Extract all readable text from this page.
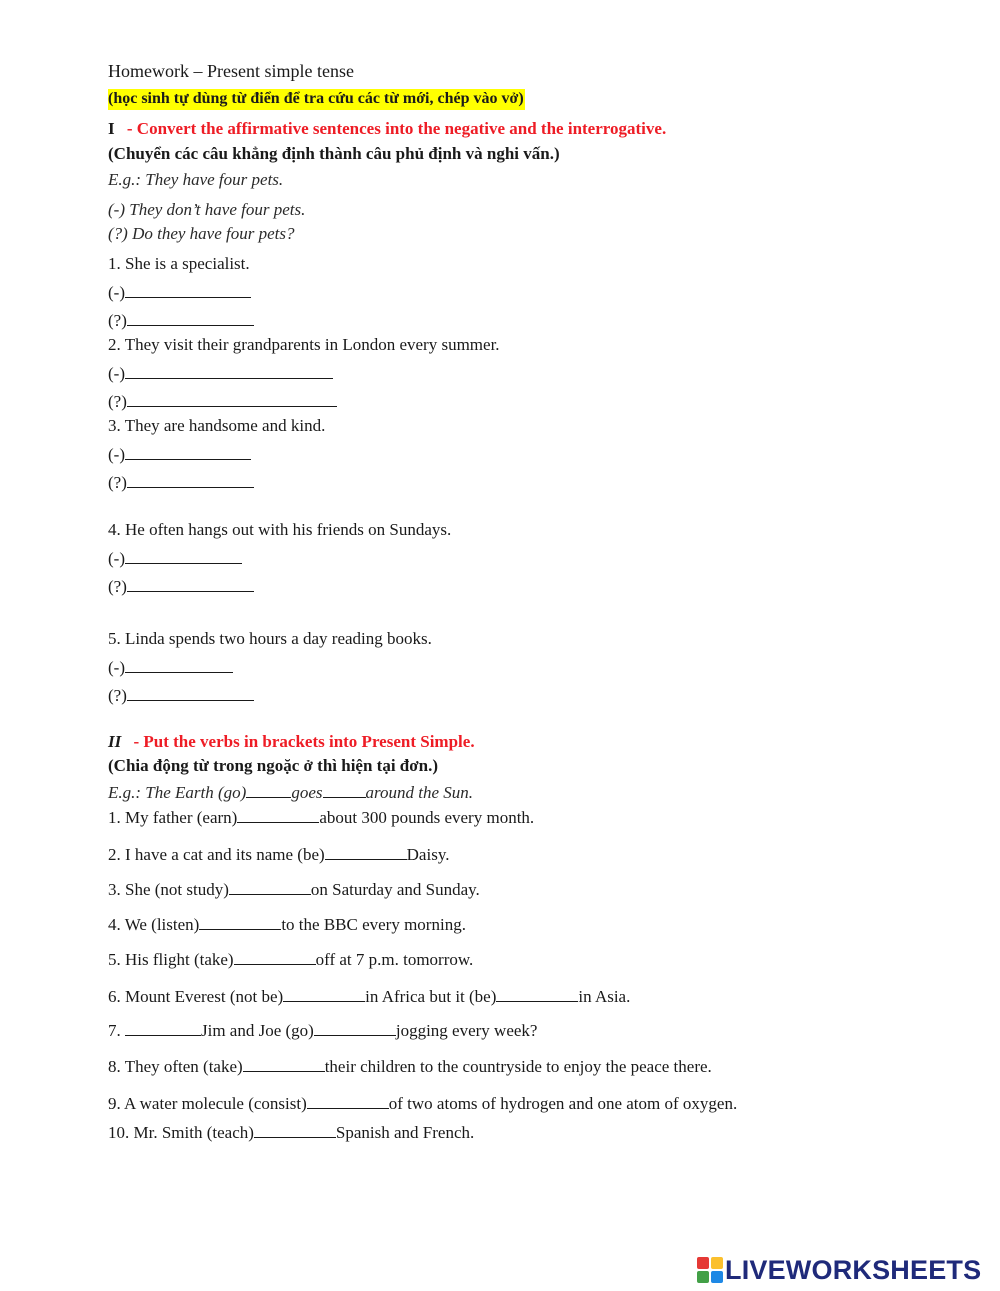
Homework – Present simple tense
(học sinh tự dùng từ điển để tra cứu các từ mới, chép vào vở)
I - Convert the affirmative sentences into the negative and the interrogative.
(Chuyển các câu khẳng định thành câu phủ định và nghi vấn.)
E.g.: They have four pets.
(-) They don’t have four pets.
(?) Do they have four pets?
1. She is a specialist.
(-)
(?)
2. They visit their grandparents in London every summer.
(-)
(?)
3. They are handsome and kind.
(-)
(?)
4. He often hangs out with his friends on Sundays.
(-)
(?)
5. Linda spends two hours a day reading books.
(-)
(?)
II - Put the verbs in brackets into Present Simple.
(Chia động từ trong ngoặc ở thì hiện tại đơn.)
E.g.: The Earth (go)	goes	around the Sun.
1. My father (earn)	about 300 pounds every month.
2. I have a cat and its name (be)	Daisy.
3. She (not study)	on Saturday and Sunday.
4. We (listen)	to the BBC every morning.
5. His flight (take)	off at 7 p.m. tomorrow.
6. Mount Everest (not be)	in Africa but it (be)	in Asia.
7.	Jim and Joe (go)	jogging every week?
8. They often (take)	their children to the countryside to enjoy the peace there.
9. A water molecule (consist)	of two atoms of hydrogen and one atom of oxygen.
10. Mr. Smith (teach)	Spanish and French.
LIVEWORKSHEETS
